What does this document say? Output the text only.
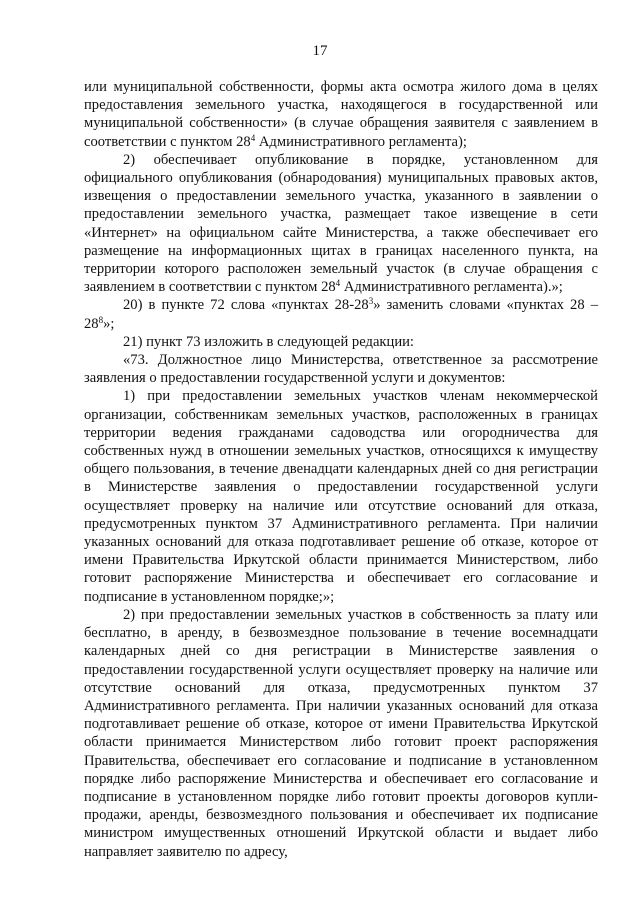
17

или муниципальной собственности, формы акта осмотра жилого дома в целях предоставления земельного участка, находящегося в государственной или муниципальной собственности» (в случае обращения заявителя с заявлением в соответствии с пунктом $28^4$ Административного регламента);

2) обеспечивает опубликование в порядке, установленном для официального опубликования (обнародования) муниципальных правовых актов, извещения о предоставлении земельного участка, указанного в заявлении о предоставлении земельного участка, размещает такое извещение в сети «Интернет» на официальном сайте Министерства, а также обеспечивает его размещение на информационных щитах в границах населенного пункта, на территории которого расположен земельный участок (в случае обращения с заявлением в соответствии с пунктом $28^4$ Административного регламента).»;

20) в пункте 72 слова «пунктах $28-28^3$» заменить словами «пунктах $28 - 28^8$»;

21) пункт 73 изложить в следующей редакции:

«73. Должностное лицо Министерства, ответственное за рассмотрение заявления о предоставлении государственной услуги и документов:

1) при предоставлении земельных участков членам некоммерческой организации, собственникам земельных участков, расположенных в границах территории ведения гражданами садоводства или огородничества для собственных нужд в отношении земельных участков, относящихся к имуществу общего пользования, в течение двенадцати календарных дней со дня регистрации в Министерстве заявления о предоставлении государственной услуги осуществляет проверку на наличие или отсутствие оснований для отказа, предусмотренных пунктом 37 Административного регламента. При наличии указанных оснований для отказа подготавливает решение об отказе, которое от имени Правительства Иркутской области принимается Министерством, либо готовит распоряжение Министерства и обеспечивает его согласование и подписание в установленном порядке;»;

2) при предоставлении земельных участков в собственность за плату или бесплатно, в аренду, в безвозмездное пользование в течение восемнадцати календарных дней со дня регистрации в Министерстве заявления о предоставлении государственной услуги осуществляет проверку на наличие или отсутствие оснований для отказа, предусмотренных пунктом 37 Административного регламента. При наличии указанных оснований для отказа подготавливает решение об отказе, которое от имени Правительства Иркутской области принимается Министерством либо готовит проект распоряжения Правительства, обеспечивает его согласование и подписание в установленном порядке либо распоряжение Министерства и обеспечивает его согласование и подписание в установленном порядке либо готовит проекты договоров купли-продажи, аренды, безвозмездного пользования и обеспечивает их подписание министром имущественных отношений Иркутской области и выдает либо направляет заявителю по адресу,
